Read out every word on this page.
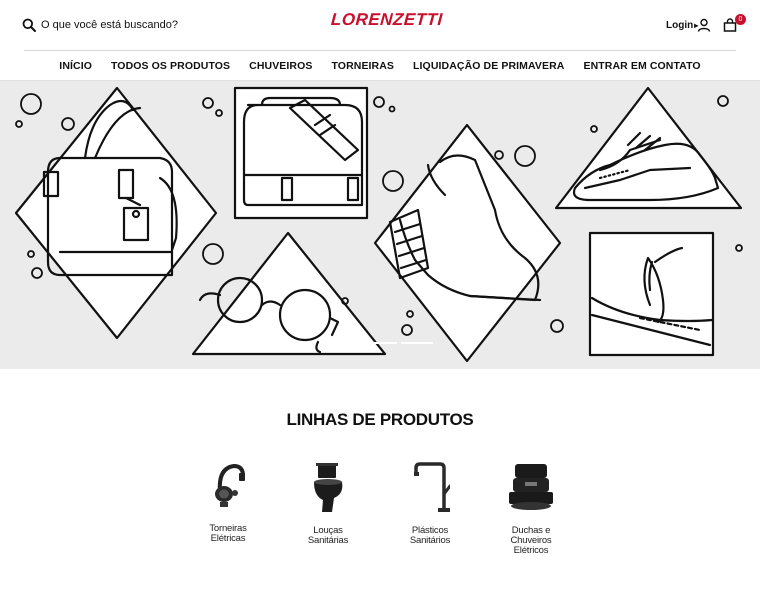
O que você está buscando?
LORENZETTI	Login▸
0
INÍCIO	TODOS OS PRODUTOS	CHUVEIROS	TORNEIRAS	LIQUIDAÇÃO DE PRIMAVERA	ENTRAR EM CONTATO
LINHAS DE PRODUTOS
Torneiras
Elétricas
Louças
Sanitárias
Plásticos
Sanitários
Duchas e
Chuveiros
Elétricos
